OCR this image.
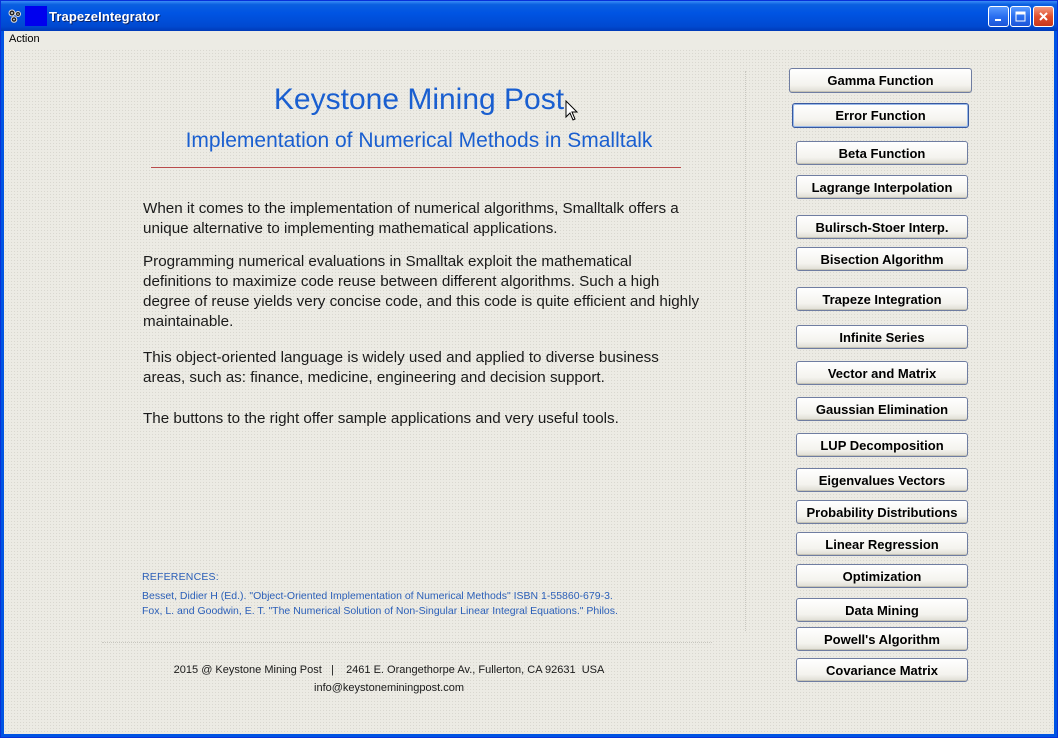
TrapezeIntegrator
Action
Keystone Mining Post
Implementation of Numerical Methods in Smalltalk
When it comes to the implementation of numerical algorithms, Smalltalk offers a unique alternative to implementing mathematical applications.
Programming numerical evaluations in Smalltak exploit the mathematical definitions to maximize code reuse between different algorithms. Such a high degree of reuse yields very concise code, and this code is quite efficient and highly maintainable.
This object-oriented language is widely used and applied to diverse business areas, such as: finance, medicine, engineering and decision support.
The buttons to the right offer sample applications and very useful tools.
REFERENCES:
Besset, Didier H (Ed.). "Object-Oriented Implementation of Numerical Methods" ISBN 1-55860-679-3.
Fox, L. and Goodwin, E. T. "The Numerical Solution of Non-Singular Linear Integral Equations." Philos.
2015 @ Keystone Mining Post   |    2461 E. Orangethorpe Av., Fullerton, CA 92631  USA
info@keystoneminingpost.com
Gamma Function
Error Function
Beta Function
Lagrange Interpolation
Bulirsch-Stoer Interp.
Bisection Algorithm
Trapeze Integration
Infinite Series
Vector and Matrix
Gaussian Elimination
LUP Decomposition
Eigenvalues Vectors
Probability Distributions
Linear Regression
Optimization
Data Mining
Powell's Algorithm
Covariance Matrix
